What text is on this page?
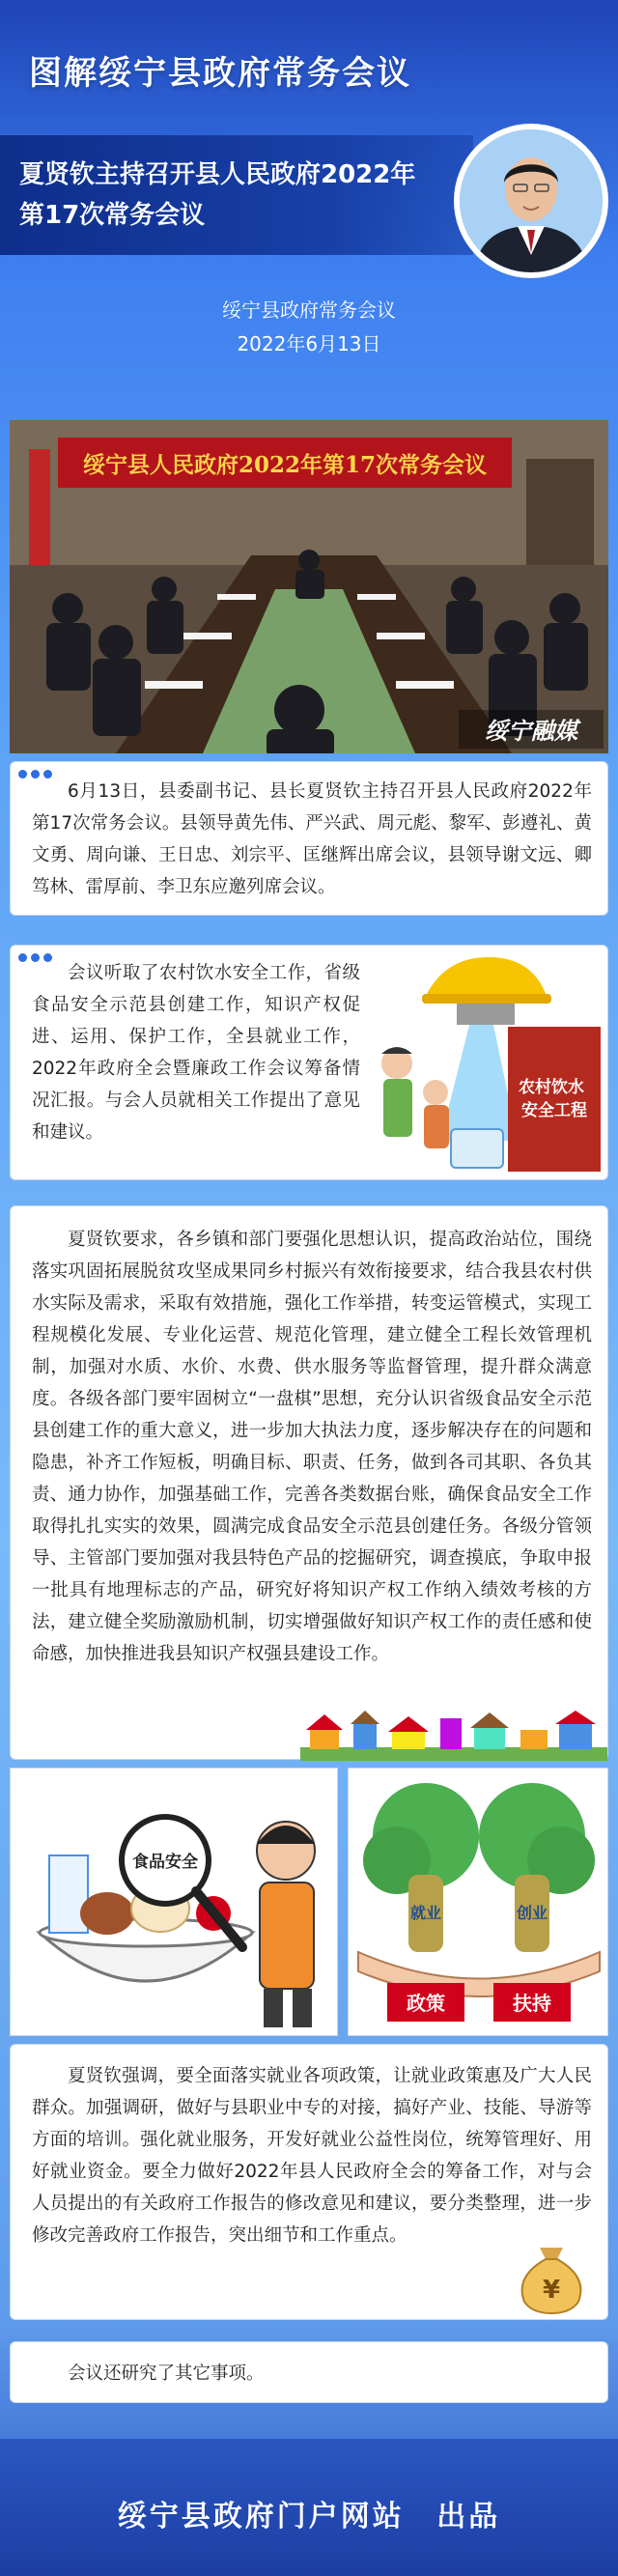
图解绥宁县政府常务会议
夏贤钦主持召开县人民政府2022年
第17次常务会议
绥宁县政府常务会议
2022年6月13日
绥宁县人民政府2022年第17次常务会议
绥宁融媒

6月13日，县委副书记、县长夏贤钦主持召开县人民政府2022年第17次常务会议。县领导黄先伟、严兴武、周元彪、黎军、彭遵礼、黄文勇、周向谦、王日忠、刘宗平、匡继辉出席会议，县领导谢文远、卿笃林、雷厚前、李卫东应邀列席会议。

会议听取了农村饮水安全工作，省级食品安全示范县创建工作，知识产权促进、运用、保护工作，全县就业工作，2022年政府全会暨廉政工作会议筹备情况汇报。与会人员就相关工作提出了意见和建议。

农村饮水 安全工程

夏贤钦要求，各乡镇和部门要强化思想认识，提高政治站位，围绕落实巩固拓展脱贫攻坚成果同乡村振兴有效衔接要求，结合我县农村供水实际及需求，采取有效措施，强化工作举措，转变运管模式，实现工程规模化发展、专业化运营、规范化管理，建立健全工程长效管理机制，加强对水质、水价、水费、供水服务等监督管理，提升群众满意度。各级各部门要牢固树立“一盘棋”思想，充分认识省级食品安全示范县创建工作的重大意义，进一步加大执法力度，逐步解决存在的问题和隐患，补齐工作短板，明确目标、职责、任务，做到各司其职、各负其责、通力协作，加强基础工作，完善各类数据台账，确保食品安全工作取得扎扎实实的效果，圆满完成食品安全示范县创建任务。各级分管领导、主管部门要加强对我县特色产品的挖掘研究，调查摸底，争取申报一批具有地理标志的产品，研究好将知识产权工作纳入绩效考核的方法，建立健全奖励激励机制，切实增强做好知识产权工作的责任感和使命感，加快推进我县知识产权强县建设工作。

食品安全
就业	创业
政策	扶持

夏贤钦强调，要全面落实就业各项政策，让就业政策惠及广大人民群众。加强调研，做好与县职业中专的对接，搞好产业、技能、导游等方面的培训。强化就业服务，开发好就业公益性岗位，统筹管理好、用好就业资金。要全力做好2022年县人民政府全会的筹备工作，对与会人员提出的有关政府工作报告的修改意见和建议，要分类整理，进一步修改完善政府工作报告，突出细节和工作重点。

¥

会议还研究了其它事项。

绥宁县政府门户网站 出品
